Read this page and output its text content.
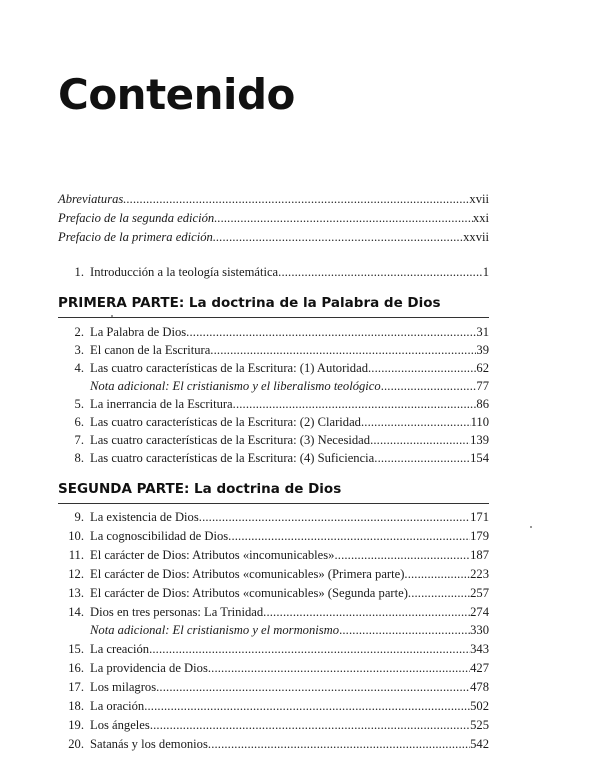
Contenido
Abreviaturas . . .	xvii
Prefacio de la segunda edición . . .	xxi
Prefacio de la primera edición . . .	xxvii
1. Introducción a la teología sistemática . . .	1
PRIMERA PARTE: La doctrina de la Palabra de Dios
2. La Palabra de Dios . . .	31
3. El canon de la Escritura . . .	39
4. Las cuatro características de la Escritura: (1) Autoridad . . .	62
Nota adicional: El cristianismo y el liberalismo teológico . . .	77
5. La inerrancia de la Escritura . . .	86
6. Las cuatro características de la Escritura: (2) Claridad . . .	110
7. Las cuatro características de la Escritura: (3) Necesidad . . .	139
8. Las cuatro características de la Escritura: (4) Suficiencia . . .	154
SEGUNDA PARTE: La doctrina de Dios
9. La existencia de Dios . . .	171
10. La cognoscibilidad de Dios . . .	179
11. El carácter de Dios: Atributos «incomunicables» . . .	187
12. El carácter de Dios: Atributos «comunicables» (Primera parte) . . .	223
13. El carácter de Dios: Atributos «comunicables» (Segunda parte) . . .	257
14. Dios en tres personas: La Trinidad . . .	274
Nota adicional: El cristianismo y el mormonismo . . .	330
15. La creación . . .	343
16. La providencia de Dios . . .	427
17. Los milagros . . .	478
18. La oración . . .	502
19. Los ángeles . . .	525
20. Satanás y los demonios . . .	542
